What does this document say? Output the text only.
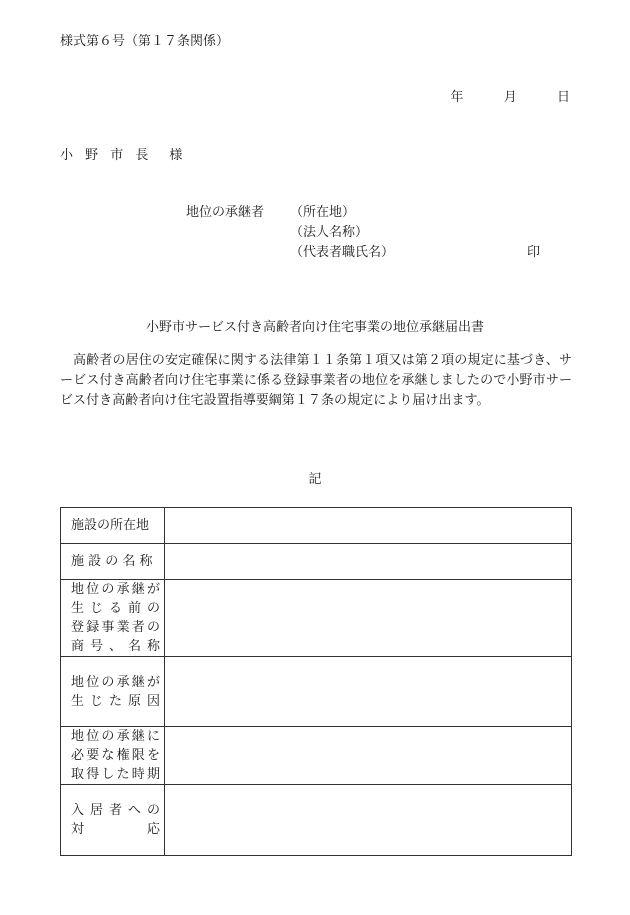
様式第６号（第１７条関係）
年	月	日
小 野 市 長　様
地位の承継者 （所在地）
（法人名称）
（代表者職氏名）	印
小野市サービス付き高齢者向け住宅事業の地位承継届出書
高齢者の居住の安定確保に関する法律第１１条第１項又は第２項の規定に基づき、サービス付き高齢者向け住宅事業に係る登録事業者の地位を承継しましたので小野市サービス付き高齢者向け住宅設置指導要綱第１７条の規定により届け出ます。
記
施設の所在地	

施 設 の 名 称	

地位の承継が
生じる前の
登録事業者の
商号、名称	

地位の承継が
生じた原因	

地位の承継に
必要な権限を
取得した時期	

入居者への
対応	
